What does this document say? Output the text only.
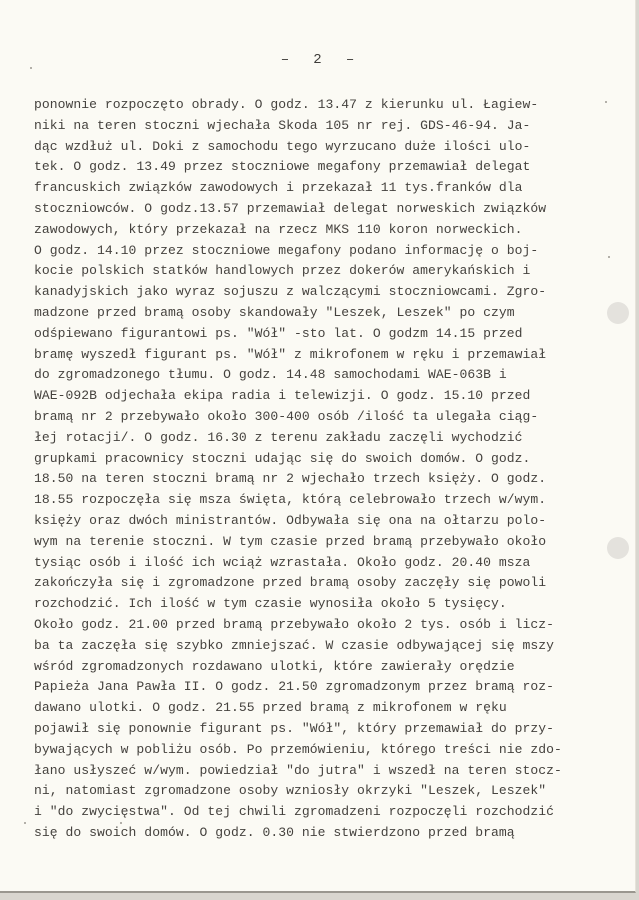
– 2 –
ponownie rozpoczęto obrady. O godz. 13.47 z kierunku ul. Łagiew-
niki na teren stoczni wjechała Skoda 105 nr rej. GDS-46-94. Ja-
dąc wzdłuż ul. Doki z samochodu tego wyrzucano duże ilości ulo-
tek. O godz. 13.49 przez stoczniowe megafony przemawiał delegat
francuskich związków zawodowych i przekazał 11 tys.franków dla
stoczniowców. O godz.13.57 przemawiał delegat norweskich związków
zawodowych, który przekazał na rzecz MKS 110 koron norweckich.
O godz. 14.10 przez stoczniowe megafony podano informację o boj-
kocie polskich statków handlowych przez dokerów amerykańskich i
kanadyjskich jako wyraz sojuszu z walczącymi stoczniowcami. Zgro-
madzone przed bramą osoby skandowały "Leszek, Leszek" po czym
odśpiewano figurantowi ps. "Wół" -sto lat. O godzm 14.15 przed
bramę wyszedł figurant ps. "Wół" z mikrofonem w ręku i przemawiał
do zgromadzonego tłumu. O godz. 14.48 samochodami WAE-063B i
WAE-092B odjechała ekipa radia i telewizji. O godz. 15.10 przed
bramą nr 2 przebywało około 300-400 osób /ilość ta ulegała ciąg-
łej rotacji/. O godz. 16.30 z terenu zakładu zaczęli wychodzić
grupkami pracownicy stoczni udając się do swoich domów. O godz.
18.50 na teren stoczni bramą nr 2 wjechało trzech księży. O godz.
18.55 rozpoczęła się msza święta, którą celebrowało trzech w/wym.
księży oraz dwóch ministrantów. Odbywała się ona na ołtarzu polo-
wym na terenie stoczni. W tym czasie przed bramą przebywało około
tysiąc osób i ilość ich wciąż wzrastała. Około godz. 20.40 msza
zakończyła się i zgromadzone przed bramą osoby zaczęły się powoli
rozchodzić. Ich ilość w tym czasie wynosiła około 5 tysięcy.
Około godz. 21.00 przed bramą przebywało około 2 tys. osób i licz-
ba ta zaczęła się szybko zmniejszać. W czasie odbywającej się mszy
wśród zgromadzonych rozdawano ulotki, które zawierały orędzie
Papieża Jana Pawła II. O godz. 21.50 zgromadzonym przez bramą roz-
dawano ulotki. O godz. 21.55 przed bramą z mikrofonem w ręku
pojawił się ponownie figurant ps. "Wół", który przemawiał do przy-
bywających w pobliżu osób. Po przemówieniu, którego treści nie zdo-
łano usłyszeć w/wym. powiedział "do jutra" i wszedł na teren stocz-
ni, natomiast zgromadzone osoby wzniosły okrzyki "Leszek, Leszek"
i "do zwycięstwa". Od tej chwili zgromadzeni rozpoczęli rozchodzić
się do swoich domów. O godz. 0.30 nie stwierdzono przed bramą
